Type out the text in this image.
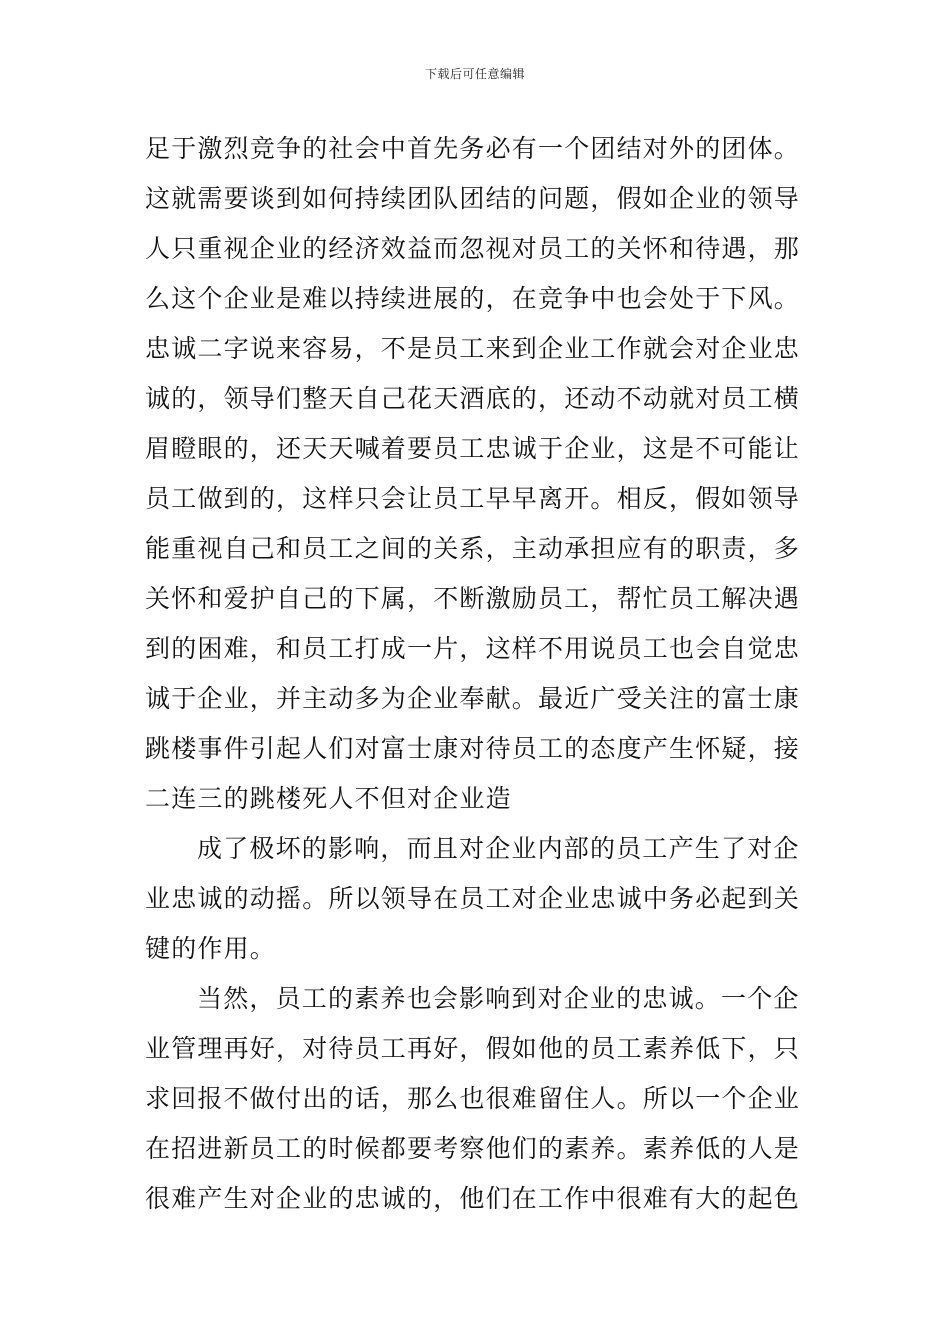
下载后可任意编辑
足于激烈竞争的社会中首先务必有一个团结对外的团体。
这就需要谈到如何持续团队团结的问题，假如企业的领导
人只重视企业的经济效益而忽视对员工的关怀和待遇，那
么这个企业是难以持续进展的，在竞争中也会处于下风。
忠诚二字说来容易，不是员工来到企业工作就会对企业忠
诚的，领导们整天自己花天酒底的，还动不动就对员工横
眉瞪眼的，还天天喊着要员工忠诚于企业，这是不可能让
员工做到的，这样只会让员工早早离开。相反，假如领导
能重视自己和员工之间的关系，主动承担应有的职责，多
关怀和爱护自己的下属，不断激励员工，帮忙员工解决遇
到的困难，和员工打成一片，这样不用说员工也会自觉忠
诚于企业，并主动多为企业奉献。最近广受关注的富士康
跳楼事件引起人们对富士康对待员工的态度产生怀疑，接
二连三的跳楼死人不但对企业造
成了极坏的影响，而且对企业内部的员工产生了对企
业忠诚的动摇。所以领导在员工对企业忠诚中务必起到关
键的作用。
当然，员工的素养也会影响到对企业的忠诚。一个企
业管理再好，对待员工再好，假如他的员工素养低下，只
求回报不做付出的话，那么也很难留住人。所以一个企业
在招进新员工的时候都要考察他们的素养。素养低的人是
很难产生对企业的忠诚的，他们在工作中很难有大的起色
